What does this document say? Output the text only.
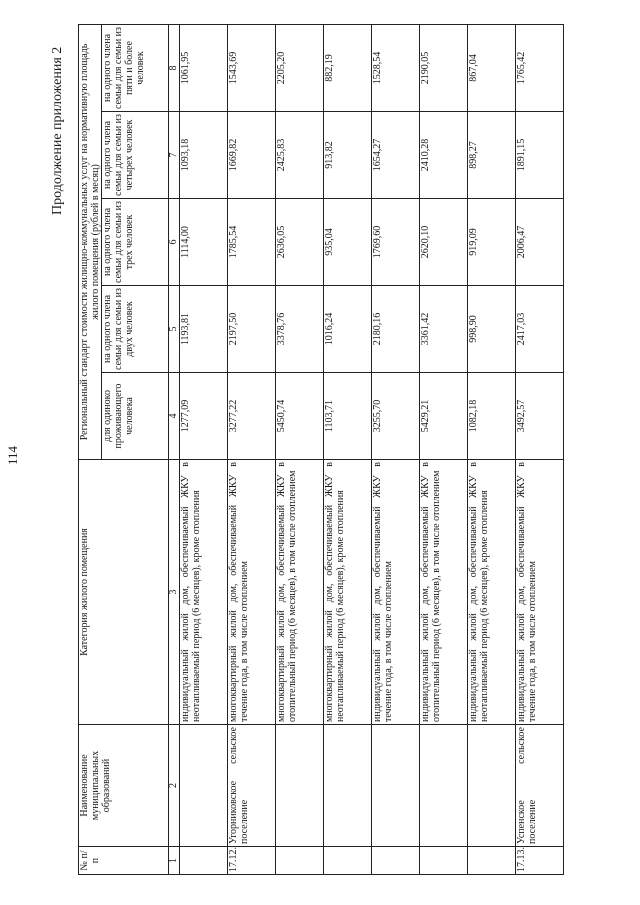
114
Продолжение приложения 2
№ п/п	Наименование муниципальных образований	Категория жилого помещения	Региональный стандарт стоимости жилищно-коммунальных услуг на нормативную площадь жилого помещения (рублей в месяц)				
			для одиноко проживающего человека	на одного члена семьи для семьи из двух человек	на одного члена семьи для семьи из трех человек	на одного члена семьи для семьи из четырех человек	на одного члена семьи для семьи из пяти и более человек
1	2	3	4	5	6	7	8
		индивидуальный жилой дом, обеспечиваемый ЖКУ в неотапливаемый период (6 месяцев), кроме отопления	1277,09	1193,81	1114,00	1093,18	1061,95
17.12.	Угорниковское сельское поселение	многоквартирный жилой дом, обеспечиваемый ЖКУ в течение года, в том числе отоплением	3277,22	2197,50	1785,54	1669,82	1543,69
		многоквартирный жилой дом, обеспечиваемый ЖКУ в отопительный период (6 месяцев), в том числе отоплением	5450,74	3378,76	2636,05	2425,83	2205,20
		многоквартирный жилой дом, обеспечиваемый ЖКУ в неотапливаемый период (6 месяцев), кроме отопления	1103,71	1016,24	935,04	913,82	882,19
		индивидуальный жилой дом, обеспечиваемый ЖКУ в течение года, в том числе отоплением	3255,70	2180,16	1769,60	1654,27	1528,54
		индивидуальный жилой дом, обеспечиваемый ЖКУ в отопительный период (6 месяцев), в том числе отоплением	5429,21	3361,42	2620,10	2410,28	2190,05
		индивидуальный жилой дом, обеспечиваемый ЖКУ в неотапливаемый период (6 месяцев), кроме отопления	1082,18	998,90	919,09	898,27	867,04
17.13.	Успенское сельское поселение	индивидуальный жилой дом, обеспечиваемый ЖКУ в течение года, в том числе отоплением	3492,57	2417,03	2006,47	1891,15	1765,42
